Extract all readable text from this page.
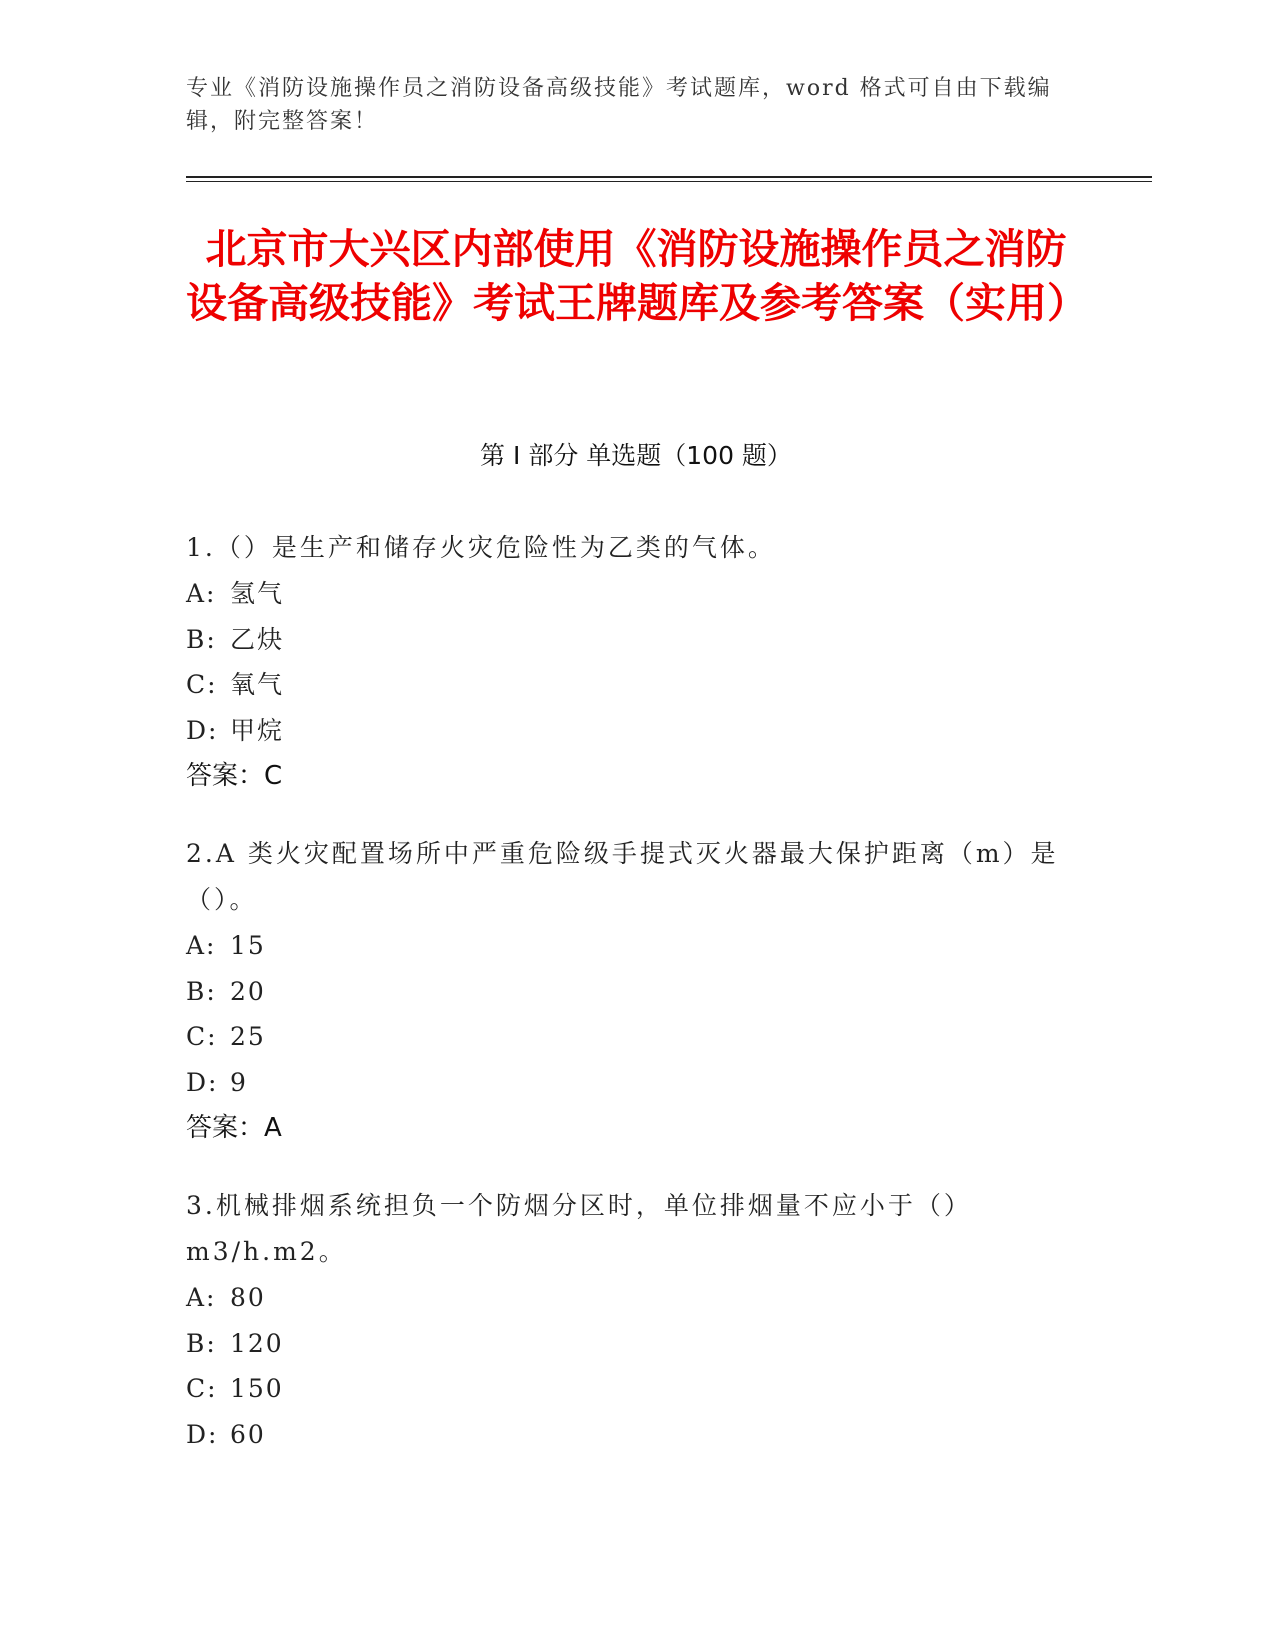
专业《消防设施操作员之消防设备高级技能》考试题库，word 格式可自由下载编辑，附完整答案！
北京市大兴区内部使用《消防设施操作员之消防设备高级技能》考试王牌题库及参考答案（实用）
第 I 部分 单选题（100 题）
1.（）是生产和储存火灾危险性为乙类的气体。
A: 氢气
B: 乙炔
C: 氧气
D: 甲烷
答案：C
2.A 类火灾配置场所中严重危险级手提式灭火器最大保护距离（m）是（）。
A: 15
B: 20
C: 25
D: 9
答案：A
3.机械排烟系统担负一个防烟分区时，单位排烟量不应小于（）m3/h.m2。
A: 80
B: 120
C: 150
D: 60
